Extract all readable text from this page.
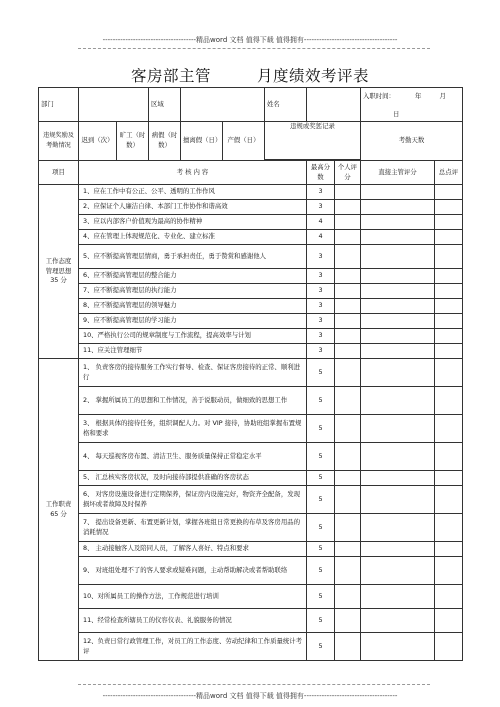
-------------------------------------精品word 文档 值得下载 值得拥有-------------------------------------
客房部主管	月度绩效考评表
部门			区域			姓名			入职时间： 年 月
日	

违规奖励及考勤情况	迟到（次）	旷工（时数）	病假（时数）	擅离假（日）	产假（日）	违规或奖惩记录			考勤天数	

项目	考 核 内 容						最高分数	个人评分	直接主管评分	总点评
工作态度管理思想35 分	1、应在工作中有公正、公平、透明的工作作风						3			
	2、应保证个人廉洁自律、本部门工作协作和谐高效						3			
	3、应以内部客户价值观为最高的协作精神						4			
	4、应在管理上体现规范化、专业化、建立标准						4			
	5、应不断提高管理层情商，勇于承担责任，勇于赞赏和感谢他人						3			
	6、应不断提高管理层的整合能力						3			
	7、应不断提高管理层的执行能力						3			
	8、应不断提高管理层的领导魅力						3			
	9、应不断提高管理层的学习能力						3			
	10、严格执行公司的规章制度与工作流程，提高效率与计划						3			
	11、应关注管理细节						3			
工作职责65 分	1、 负责客房的接待服务工作实行督导、检查、保证客房接待的正常、顺利进行						5			
	2、 掌握所属员工的思想和工作情况，善于说服动员，做细致的思想工作						5			
	3、 根据具体的接待任务，组织调配人力。对 VIP 接待，协助班组掌握布置规格和要求						5			
	4、 每天巡视客房布置、清洁卫生、服务质量保持正常稳定水平						5			
	5、 汇总核实客房状况，及时向接待部提供准确的客房状态						5			
	6、 对客房设施设备进行定期保养，保证房内设施完好，物资齐全配备，发现损坏或者故障及时保养						5			
	7、 提出设备更新、布置更新计划，掌握各班组日常更换的布草及客房用品的消耗情况						5			
	8、 主动接触客人及陪同人员，了解客人喜好、特点和要求						5			
	9、 对班组处理不了的客人要求或疑难问题，主动帮助解决或者帮助联络						5			
	10、对所属员工的操作方法，工作规范进行培训						5			
	11、经常检查所辖员工的仪容仪表、礼貌服务的情况						5			
	12、负责日常行政管理工作，对员工的工作态度、劳动纪律和工作质量统计考评						5			
-------------------------------------精品word 文档 值得下载 值得拥有-------------------------------------
